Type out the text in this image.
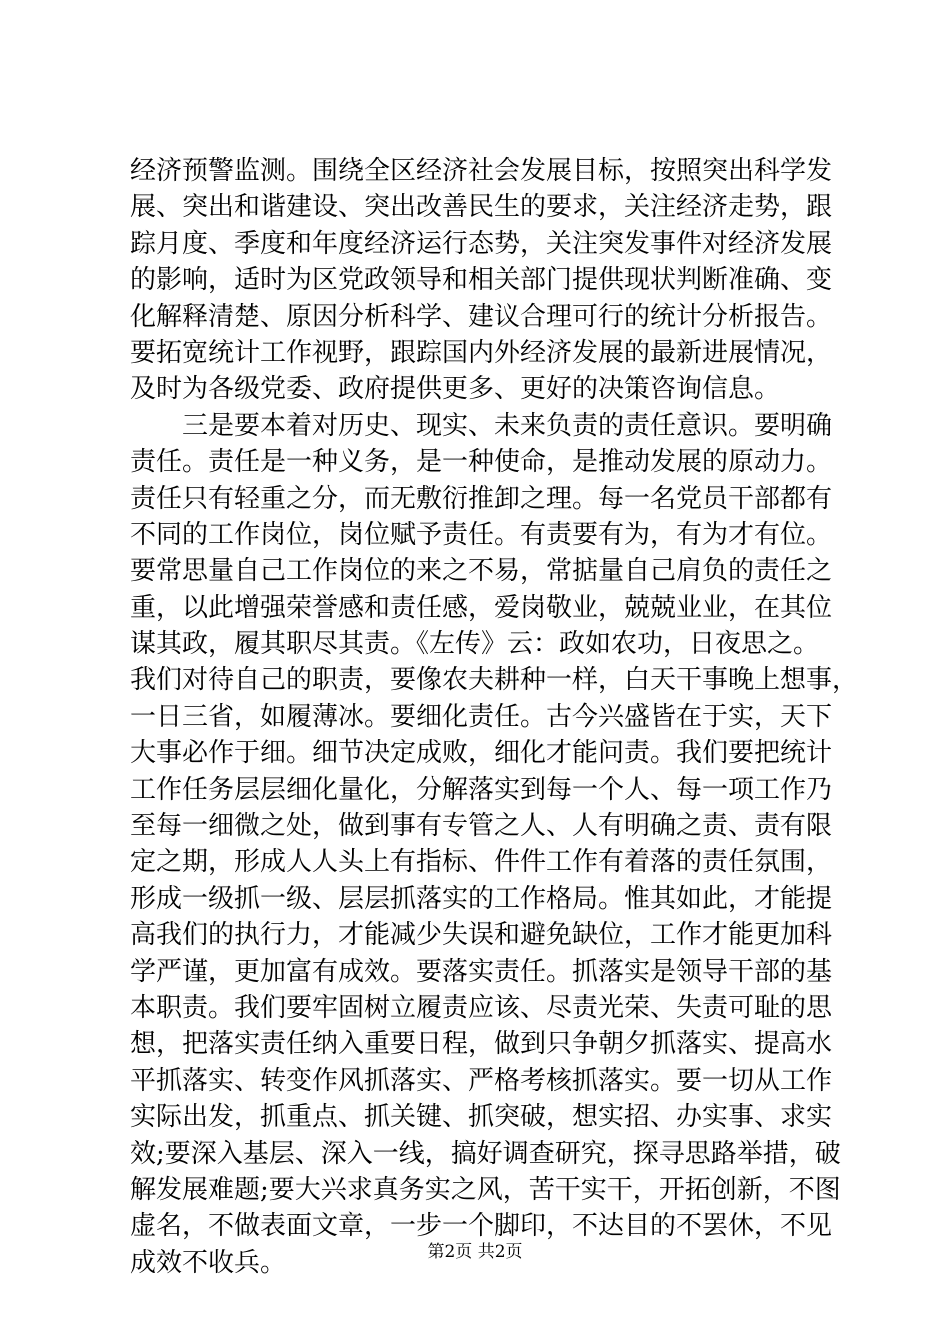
经济预警监测。围绕全区经济社会发展目标，按照突出科学发
展、突出和谐建设、突出改善民生的要求，关注经济走势，跟
踪月度、季度和年度经济运行态势，关注突发事件对经济发展
的影响，适时为区党政领导和相关部门提供现状判断准确、变
化解释清楚、原因分析科学、建议合理可行的统计分析报告。
要拓宽统计工作视野，跟踪国内外经济发展的最新进展情况，
及时为各级党委、政府提供更多、更好的决策咨询信息。
三是要本着对历史、现实、未来负责的责任意识。要明确
责任。责任是一种义务，是一种使命，是推动发展的原动力。
责任只有轻重之分，而无敷衍推卸之理。每一名党员干部都有
不同的工作岗位，岗位赋予责任。有责要有为，有为才有位。
要常思量自己工作岗位的来之不易，常掂量自己肩负的责任之
重，以此增强荣誉感和责任感，爱岗敬业，兢兢业业，在其位
谋其政，履其职尽其责。《左传》云：政如农功，日夜思之。
我们对待自己的职责，要像农夫耕种一样，白天干事晚上想事，
一日三省，如履薄冰。要细化责任。古今兴盛皆在于实，天下
大事必作于细。细节决定成败，细化才能问责。我们要把统计
工作任务层层细化量化，分解落实到每一个人、每一项工作乃
至每一细微之处，做到事有专管之人、人有明确之责、责有限
定之期，形成人人头上有指标、件件工作有着落的责任氛围，
形成一级抓一级、层层抓落实的工作格局。惟其如此，才能提
高我们的执行力，才能减少失误和避免缺位，工作才能更加科
学严谨，更加富有成效。要落实责任。抓落实是领导干部的基
本职责。我们要牢固树立履责应该、尽责光荣、失责可耻的思
想，把落实责任纳入重要日程，做到只争朝夕抓落实、提高水
平抓落实、转变作风抓落实、严格考核抓落实。要一切从工作
实际出发，抓重点、抓关键、抓突破，想实招、办实事、求实
效;要深入基层、深入一线，搞好调查研究，探寻思路举措，破
解发展难题;要大兴求真务实之风，苦干实干，开拓创新，不图
虚名，不做表面文章，一步一个脚印，不达目的不罢休，不见
成效不收兵。	第2页 共2页
